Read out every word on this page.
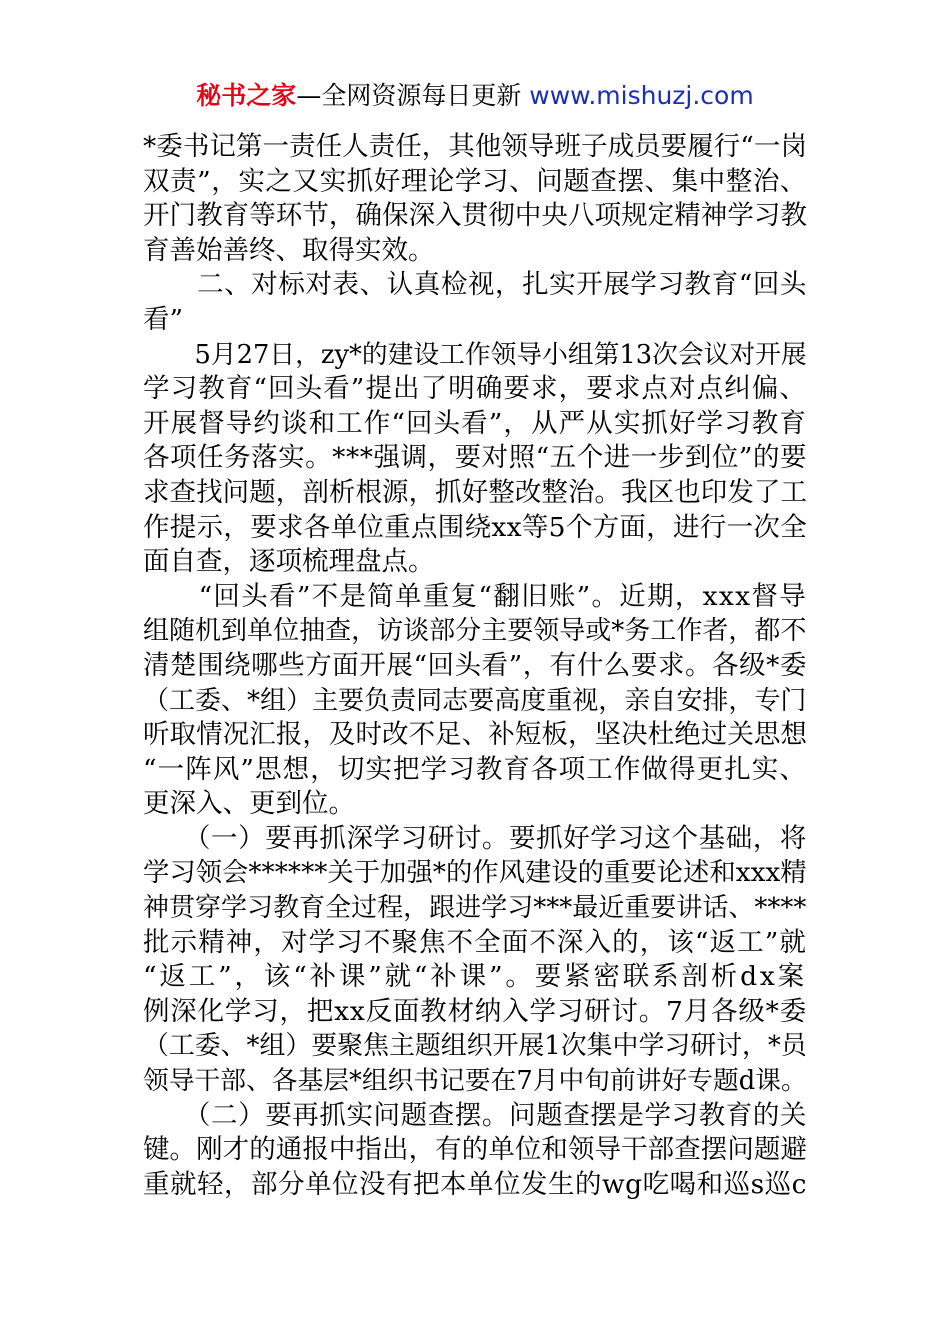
秘书之家—全网资源每日更新 www.mishuzj.com
*委书记第一责任人责任，其他领导班子成员要履行“一岗
双责”，实之又实抓好理论学习、问题查摆、集中整治、
开门教育等环节，确保深入贯彻中央八项规定精神学习教
育善始善终、取得实效。
　　二、对标对表、认真检视，扎实开展学习教育“回头
看”
　　5月27日，zy*的建设工作领导小组第13次会议对开展
学习教育“回头看”提出了明确要求，要求点对点纠偏、
开展督导约谈和工作“回头看”，从严从实抓好学习教育
各项任务落实。***强调，要对照“五个进一步到位”的要
求查找问题，剖析根源，抓好整改整治。我区也印发了工
作提示，要求各单位重点围绕xx等5个方面，进行一次全
面自查，逐项梳理盘点。
　　“回头看”不是简单重复“翻旧账”。近期，xxx督导
组随机到单位抽查，访谈部分主要领导或*务工作者，都不
清楚围绕哪些方面开展“回头看”，有什么要求。各级*委
（工委、*组）主要负责同志要高度重视，亲自安排，专门
听取情况汇报，及时改不足、补短板，坚决杜绝过关思想
“一阵风”思想，切实把学习教育各项工作做得更扎实、
更深入、更到位。
　　（一）要再抓深学习研讨。要抓好学习这个基础，将
学习领会******关于加强*的作风建设的重要论述和xxx精
神贯穿学习教育全过程，跟进学习***最近重要讲话、****
批示精神，对学习不聚焦不全面不深入的，该“返工”就
“返工”，该“补课”就“补课”。要紧密联系剖析dx案
例深化学习，把xx反面教材纳入学习研讨。7月各级*委
（工委、*组）要聚焦主题组织开展1次集中学习研讨，*员
领导干部、各基层*组织书记要在7月中旬前讲好专题d课。
　　（二）要再抓实问题查摆。问题查摆是学习教育的关
键。刚才的通报中指出，有的单位和领导干部查摆问题避
重就轻，部分单位没有把本单位发生的wg吃喝和巡s巡c
